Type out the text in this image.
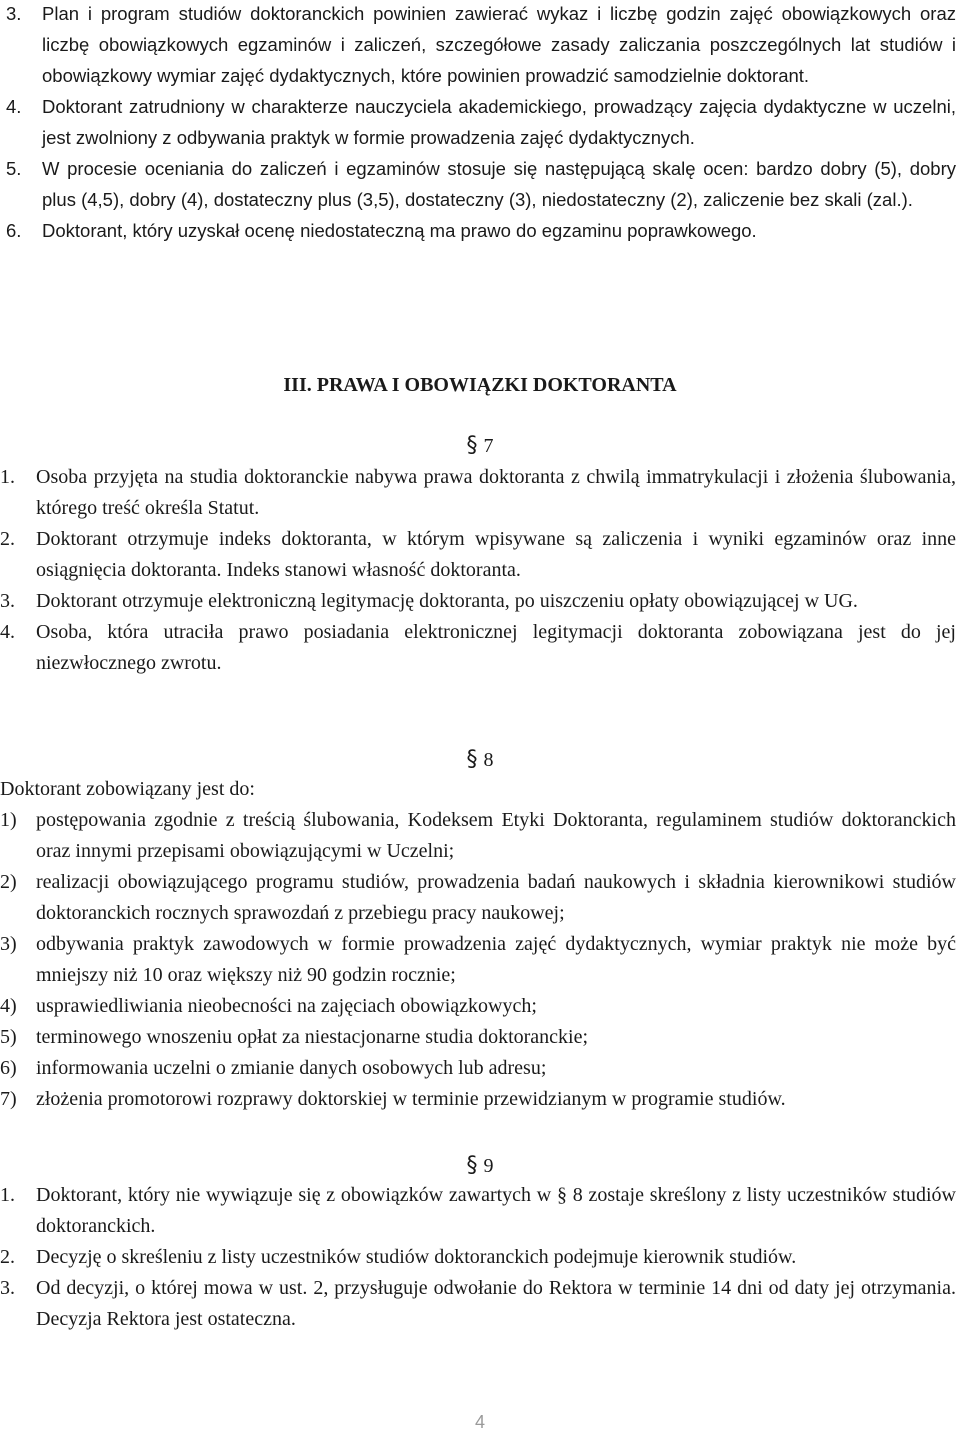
3. Plan i program studiów doktoranckich powinien zawierać wykaz i liczbę godzin zajęć obowiązkowych oraz liczbę obowiązkowych egzaminów i zaliczeń, szczegółowe zasady zaliczania poszczególnych lat studiów i obowiązkowy wymiar zajęć dydaktycznych, które powinien prowadzić samodzielnie doktorant.
4. Doktorant zatrudniony w charakterze nauczyciela akademickiego, prowadzący zajęcia dydaktyczne w uczelni, jest zwolniony z odbywania praktyk w formie prowadzenia zajęć dydaktycznych.
5. W procesie oceniania do zaliczeń i egzaminów stosuje się następującą skalę ocen: bardzo dobry (5), dobry plus (4,5), dobry (4), dostateczny plus (3,5), dostateczny (3), niedostateczny (2), zaliczenie bez skali (zal.).
6. Doktorant, który uzyskał ocenę niedostateczną ma prawo do egzaminu poprawkowego.
III. PRAWA I OBOWIĄZKI DOKTORANTA
§ 7
1. Osoba przyjęta na studia doktoranckie nabywa prawa doktoranta z chwilą immatrykulacji i złożenia ślubowania, którego treść określa Statut.
2. Doktorant otrzymuje indeks doktoranta, w którym wpisywane są zaliczenia i wyniki egzaminów oraz inne osiągnięcia doktoranta. Indeks stanowi własność doktoranta.
3. Doktorant otrzymuje elektroniczną legitymację doktoranta, po uiszczeniu opłaty obowiązującej w UG.
4. Osoba, która utraciła prawo posiadania elektronicznej legitymacji doktoranta zobowiązana jest do jej niezwłocznego zwrotu.
§ 8
Doktorant zobowiązany jest do:
1) postępowania zgodnie z treścią ślubowania, Kodeksem Etyki Doktoranta, regulaminem studiów doktoranckich oraz innymi przepisami obowiązującymi w Uczelni;
2) realizacji obowiązującego programu studiów, prowadzenia badań naukowych i składnia kierownikowi studiów doktoranckich rocznych sprawozdań z przebiegu pracy naukowej;
3) odbywania praktyk zawodowych w formie prowadzenia zajęć dydaktycznych, wymiar praktyk nie może być mniejszy niż 10 oraz większy niż 90 godzin rocznie;
4) usprawiedliwiania nieobecności na zajęciach obowiązkowych;
5) terminowego wnoszeniu opłat za niestacjonarne studia doktoranckie;
6) informowania uczelni o zmianie danych osobowych lub adresu;
7) złożenia promotorowi rozprawy doktorskiej w terminie przewidzianym w programie studiów.
§ 9
1. Doktorant, który nie wywiązuje się z obowiązków zawartych w § 8 zostaje skreślony z listy uczestników studiów doktoranckich.
2. Decyzję o skreśleniu z listy uczestników studiów doktoranckich podejmuje kierownik studiów.
3. Od decyzji, o której mowa w ust. 2, przysługuje odwołanie do Rektora w terminie 14 dni od daty jej otrzymania. Decyzja Rektora jest ostateczna.
4
